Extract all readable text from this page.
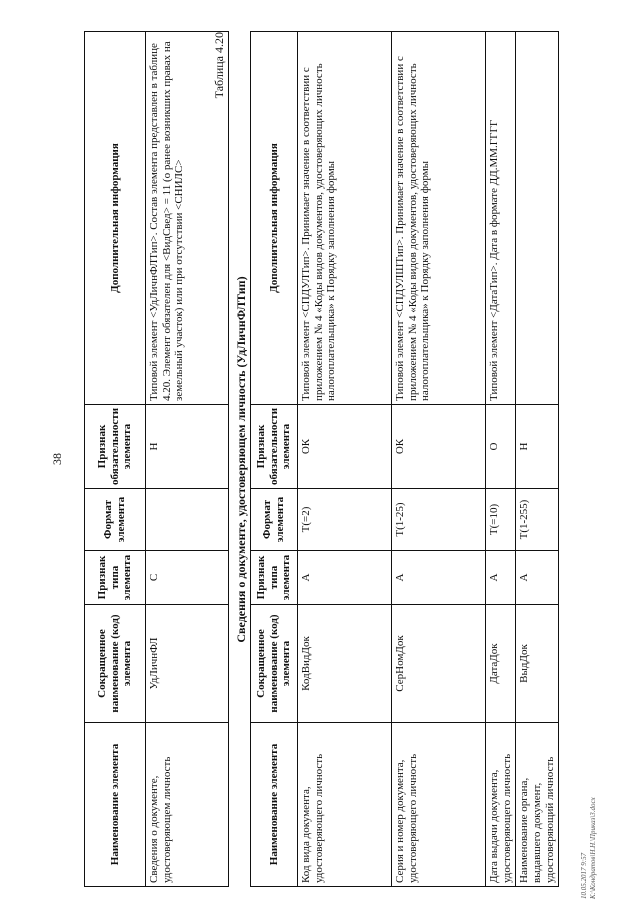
38
Наименование элемента	Сокращенное наименование (код) элемента	Признак типа элемента	Формат элемента	Признак обязательности элемента	Дополнительная информация
Сведения о документе, удостоверяющем личность	УдЛичнФЛ	С		Н	Типовой элемент <УдЛичнФЛТип>. Состав элемента представлен в таблице 4.20. Элемент обязателен для <ВидСвед> = 11 (о ранее возникших правах на земельный участок) или при отсутствии <СНИЛС>
Таблица 4.20
Сведения о документе, удостоверяющем личность (УдЛичнФЛТип)
Наименование элемента	Сокращенное наименование (код) элемента	Признак типа элемента	Формат элемента	Признак обязательности элемента	Дополнительная информация
Код вида документа, удостоверяющего личность	КодВидДок	А	T(=2)	ОК	Типовой элемент <СПДУЛТип>. Принимает значение в соответствии с приложением № 4 «Коды видов документов, удостоверяющих личность налогоплательщика» к Порядку заполнения формы
Серия и номер документа, удостоверяющего личность	СерНомДок	А	T(1-25)	ОК	Типовой элемент <СПДУЛШТип>. Принимает значение в соответствии с приложением № 4 «Коды видов документов, удостоверяющих личность налогоплательщика» к Порядку заполнения формы
Дата выдачи документа, удостоверяющего личность	ДатаДок	А	T(=10)	О	Типовой элемент <ДатаТип>. Дата в формате ДД.ММ.ГГГГ
Наименование органа, выдавшего документ, удостоверяющий личность	ВыдДок	А	T(1-255)	Н	
10.05.2017 9:57 К:\Кондратов\Н.Н.\Приказ\3.docx
